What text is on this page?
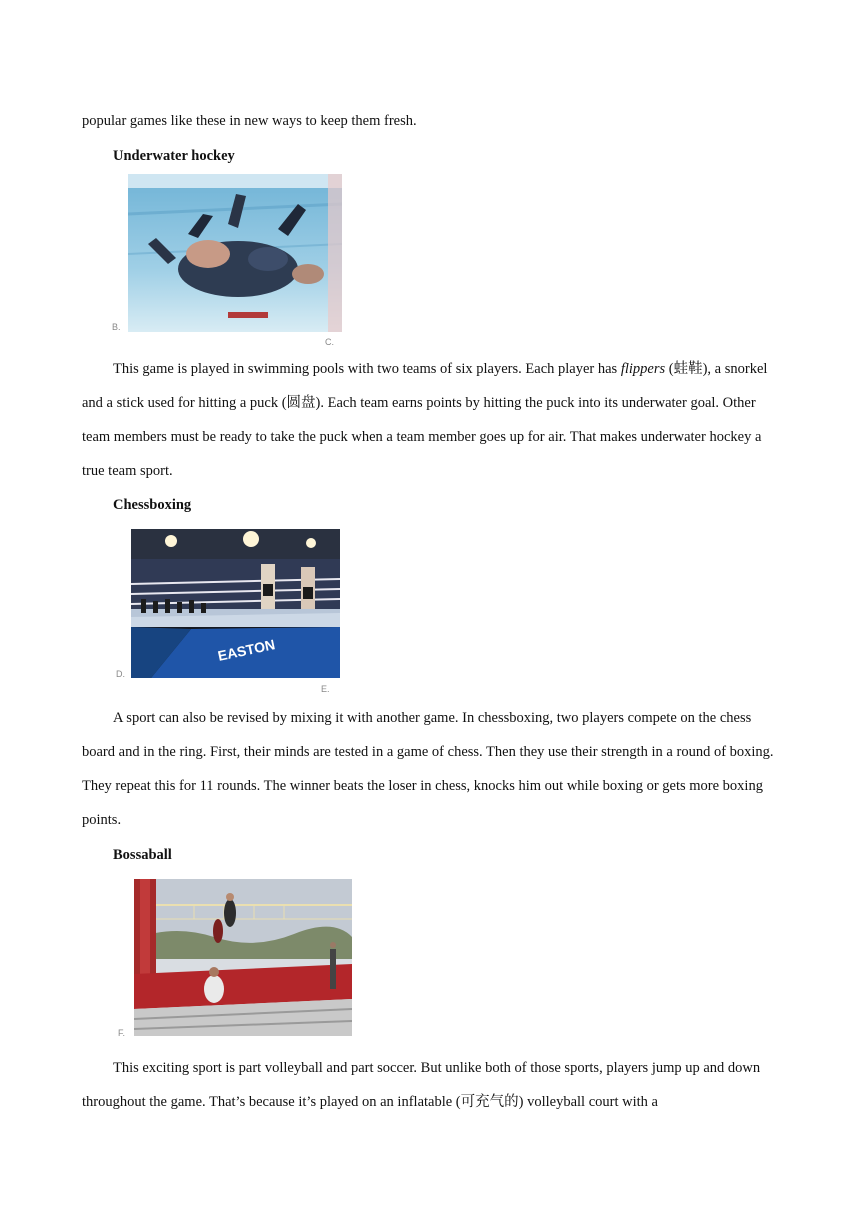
popular games like these in new ways to keep them fresh.

Underwater hockey

B.
C.

This game is played in swimming pools with two teams of six players. Each player has flippers (蛙鞋), a snorkel and a stick used for hitting a puck (圆盘). Each team earns points by hitting the puck into its underwater goal. Other team members must be ready to take the puck when a team member goes up for air. That makes underwater hockey a true team sport.

Chessboxing

EASTON
D.
E.

A sport can also be revised by mixing it with another game. In chessboxing, two players compete on the chess board and in the ring. First, their minds are tested in a game of chess. Then they use their strength in a round of boxing. They repeat this for 11 rounds. The winner beats the loser in chess, knocks him out while boxing or gets more boxing points.

Bossaball

F.

This exciting sport is part volleyball and part soccer. But unlike both of those sports, players jump up and down throughout the game. That’s because it’s played on an inflatable (可充气的) volleyball court with a
